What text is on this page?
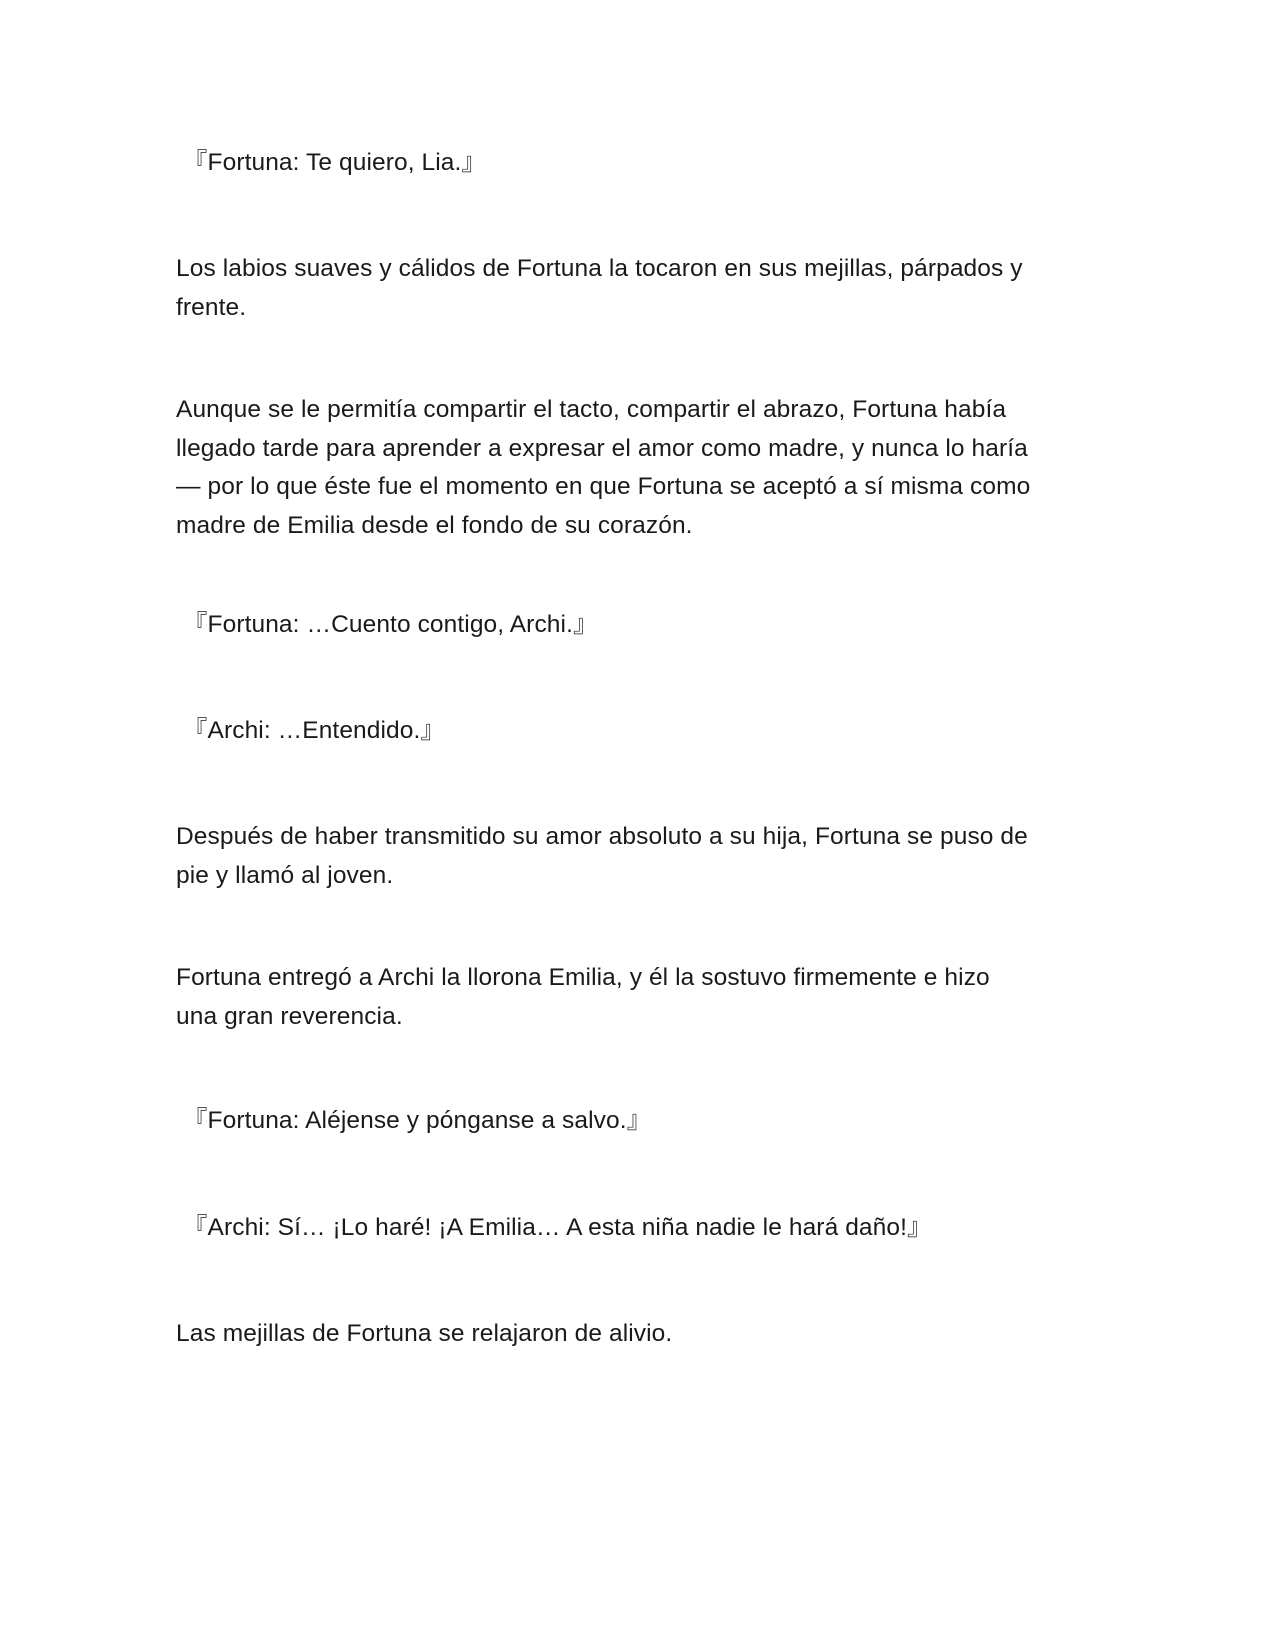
『Fortuna: Te quiero, Lia.』

Los labios suaves y cálidos de Fortuna la tocaron en sus mejillas, párpados y
frente.

Aunque se le permitía compartir el tacto, compartir el abrazo, Fortuna había
llegado tarde para aprender a expresar el amor como madre, y nunca lo haría
— por lo que éste fue el momento en que Fortuna se aceptó a sí misma como
madre de Emilia desde el fondo de su corazón.

『Fortuna: …Cuento contigo, Archi.』

『Archi: …Entendido.』

Después de haber transmitido su amor absoluto a su hija, Fortuna se puso de
pie y llamó al joven.

Fortuna entregó a Archi la llorona Emilia, y él la sostuvo firmemente e hizo
una gran reverencia.

『Fortuna: Aléjense y pónganse a salvo.』

『Archi: Sí… ¡Lo haré! ¡A Emilia… A esta niña nadie le hará daño!』

Las mejillas de Fortuna se relajaron de alivio.
